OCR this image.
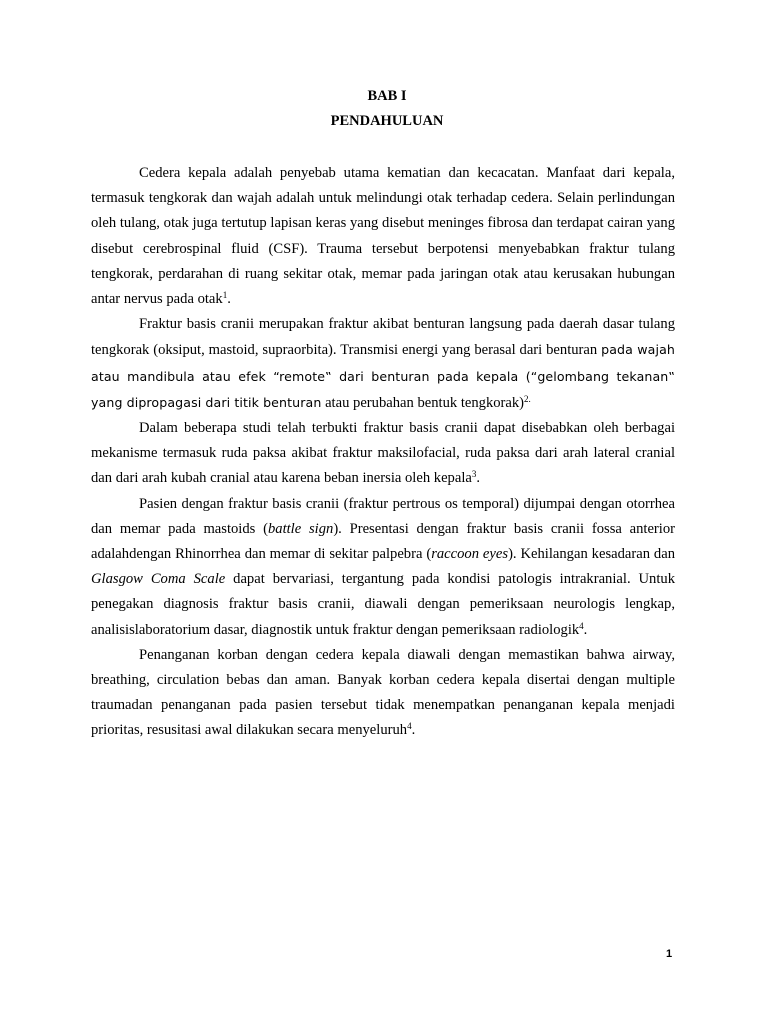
BAB I
PENDAHULUAN

Cedera kepala adalah penyebab utama kematian dan kecacatan. Manfaat dari kepala, termasuk tengkorak dan wajah adalah untuk melindungi otak terhadap cedera. Selain perlindungan oleh tulang, otak juga tertutup lapisan keras yang disebut meninges fibrosa dan terdapat cairan yang disebut cerebrospinal fluid (CSF). Trauma tersebut berpotensi menyebabkan fraktur tulang tengkorak, perdarahan di ruang sekitar otak, memar pada jaringan otak atau kerusakan hubungan antar nervus pada otak$^1$.

Fraktur basis cranii merupakan fraktur akibat benturan langsung pada daerah dasar tulang tengkorak (oksiput, mastoid, supraorbita). Transmisi energi yang berasal dari benturan pada wajah atau mandibula atau efek “remote‟ dari benturan pada kepala (“gelombang tekanan‟ yang dipropagasi dari titik benturan atau perubahan bentuk tengkorak)$^{2.}$

Dalam beberapa studi telah terbukti fraktur basis cranii dapat disebabkan oleh berbagai mekanisme termasuk ruda paksa akibat fraktur maksilofacial, ruda paksa dari arah lateral cranial dan dari arah kubah cranial atau karena beban inersia oleh kepala$^3$.

Pasien dengan fraktur basis cranii (fraktur pertrous os temporal) dijumpai dengan otorrhea dan memar pada mastoids (battle sign). Presentasi dengan fraktur basis cranii fossa anterior adalahdengan Rhinorrhea dan memar di sekitar palpebra (raccoon eyes). Kehilangan kesadaran dan Glasgow Coma Scale dapat bervariasi, tergantung pada kondisi patologis intrakranial. Untuk penegakan diagnosis fraktur basis cranii, diawali dengan pemeriksaan neurologis lengkap, analisislaboratorium dasar, diagnostik untuk fraktur dengan pemeriksaan radiologik$^4$.

Penanganan korban dengan cedera kepala diawali dengan memastikan bahwa airway, breathing, circulation bebas dan aman. Banyak korban cedera kepala disertai dengan multiple traumadan penanganan pada pasien tersebut tidak menempatkan penanganan kepala menjadi prioritas, resusitasi awal dilakukan secara menyeluruh$^4$.

1
